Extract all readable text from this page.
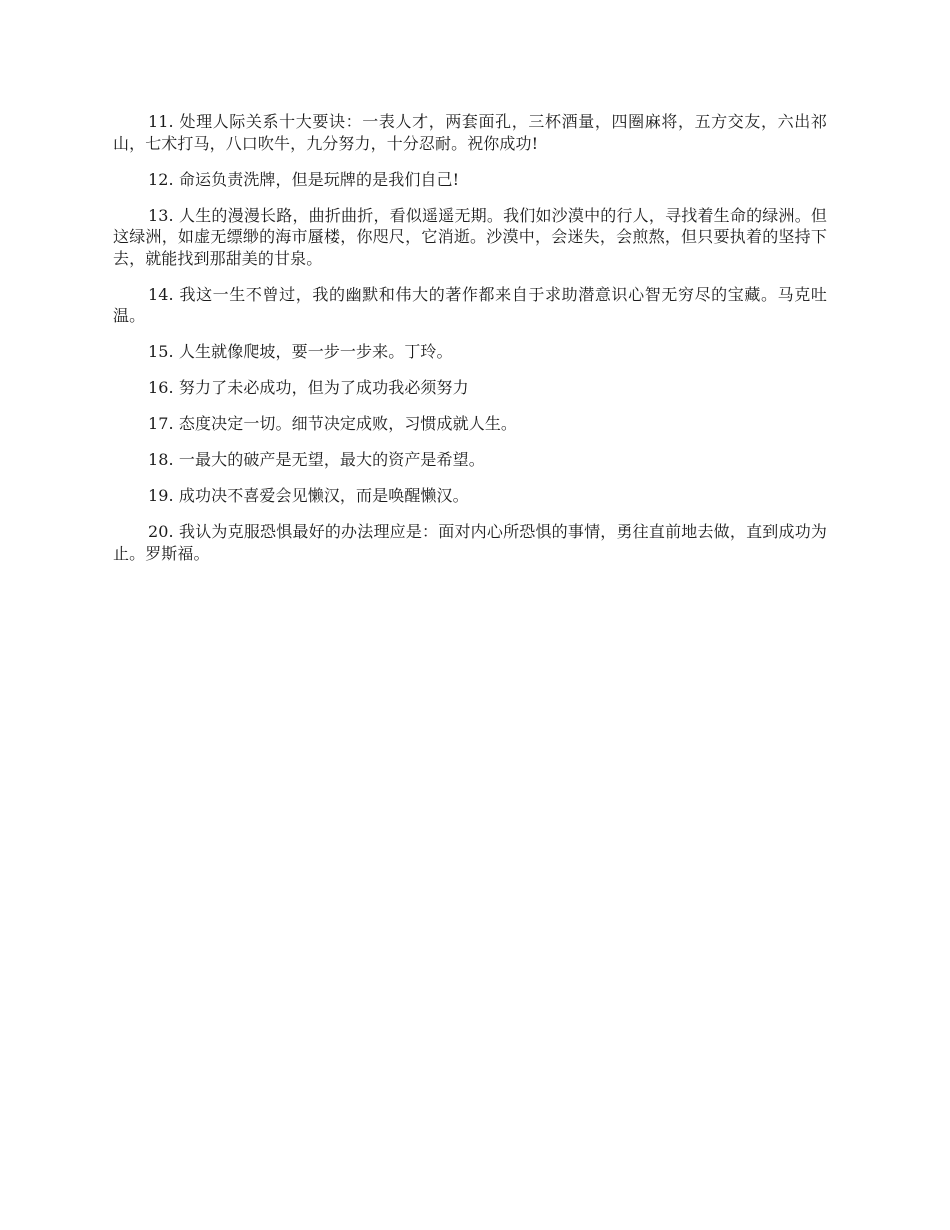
11. 处理人际关系十大要诀：一表人才，两套面孔，三杯酒量，四圈麻将，五方交友，六出祁山，七术打马，八口吹牛，九分努力，十分忍耐。祝你成功!

12. 命运负责洗牌，但是玩牌的是我们自己!

13. 人生的漫漫长路，曲折曲折，看似遥遥无期。我们如沙漠中的行人，寻找着生命的绿洲。但这绿洲，如虚无缥缈的海市蜃楼，你咫尺，它消逝。沙漠中，会迷失，会煎熬，但只要执着的坚持下去，就能找到那甜美的甘泉。

14. 我这一生不曾过，我的幽默和伟大的著作都来自于求助潜意识心智无穷尽的宝藏。马克吐温。

15. 人生就像爬坡，要一步一步来。丁玲。

16. 努力了未必成功，但为了成功我必须努力

17. 态度决定一切。细节决定成败，习惯成就人生。

18. 一最大的破产是无望，最大的资产是希望。

19. 成功决不喜爱会见懒汉，而是唤醒懒汉。

20. 我认为克服恐惧最好的办法理应是：面对内心所恐惧的事情，勇往直前地去做，直到成功为止。罗斯福。
